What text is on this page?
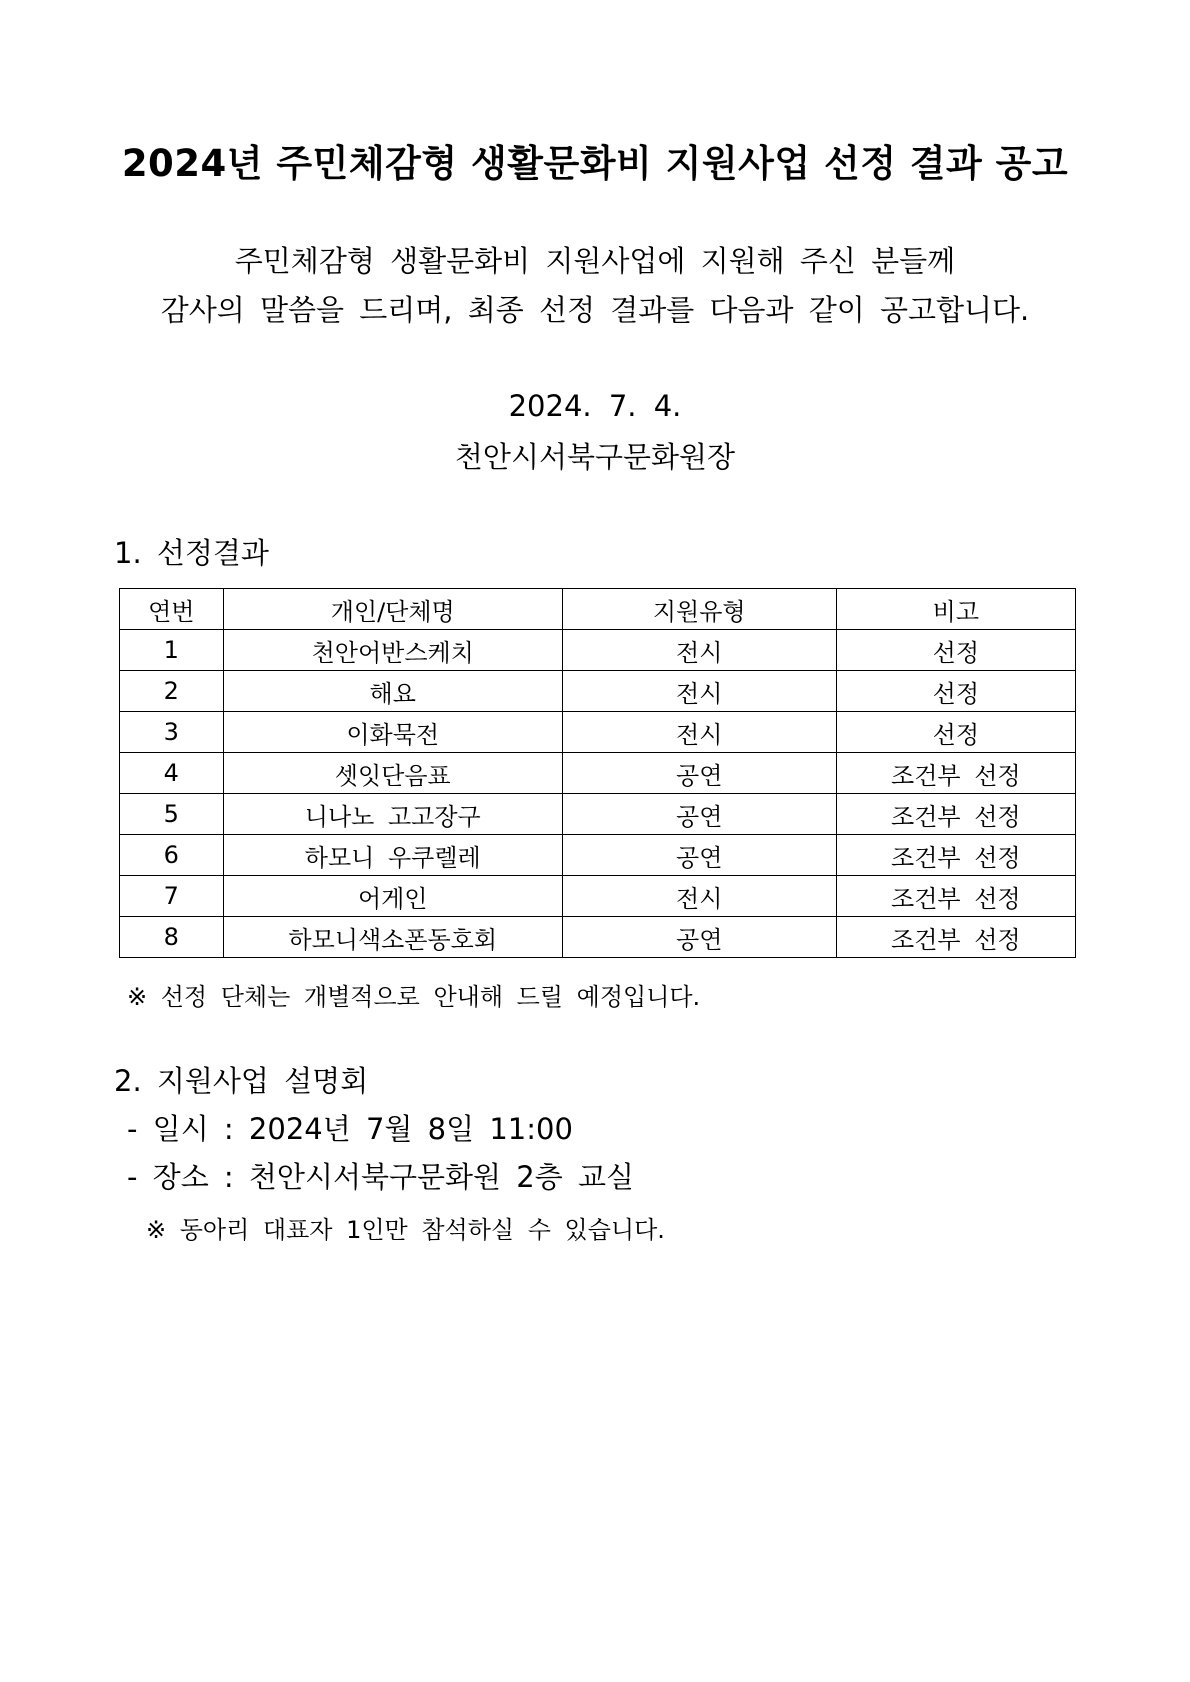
2024년 주민체감형 생활문화비 지원사업 선정 결과 공고
주민체감형 생활문화비 지원사업에 지원해 주신 분들께
감사의 말씀을 드리며, 최종 선정 결과를 다음과 같이 공고합니다.
2024. 7. 4.
천안시서북구문화원장
1. 선정결과
연번	개인/단체명	지원유형	비고
1	천안어반스케치	전시	선정
2	해요	전시	선정
3	이화묵전	전시	선정
4	셋잇단음표	공연	조건부 선정
5	니나노 고고장구	공연	조건부 선정
6	하모니 우쿠렐레	공연	조건부 선정
7	어게인	전시	조건부 선정
8	하모니색소폰동호회	공연	조건부 선정
※ 선정 단체는 개별적으로 안내해 드릴 예정입니다.
2. 지원사업 설명회
- 일시 : 2024년 7월 8일 11:00
- 장소 : 천안시서북구문화원 2층 교실
※ 동아리 대표자 1인만 참석하실 수 있습니다.
